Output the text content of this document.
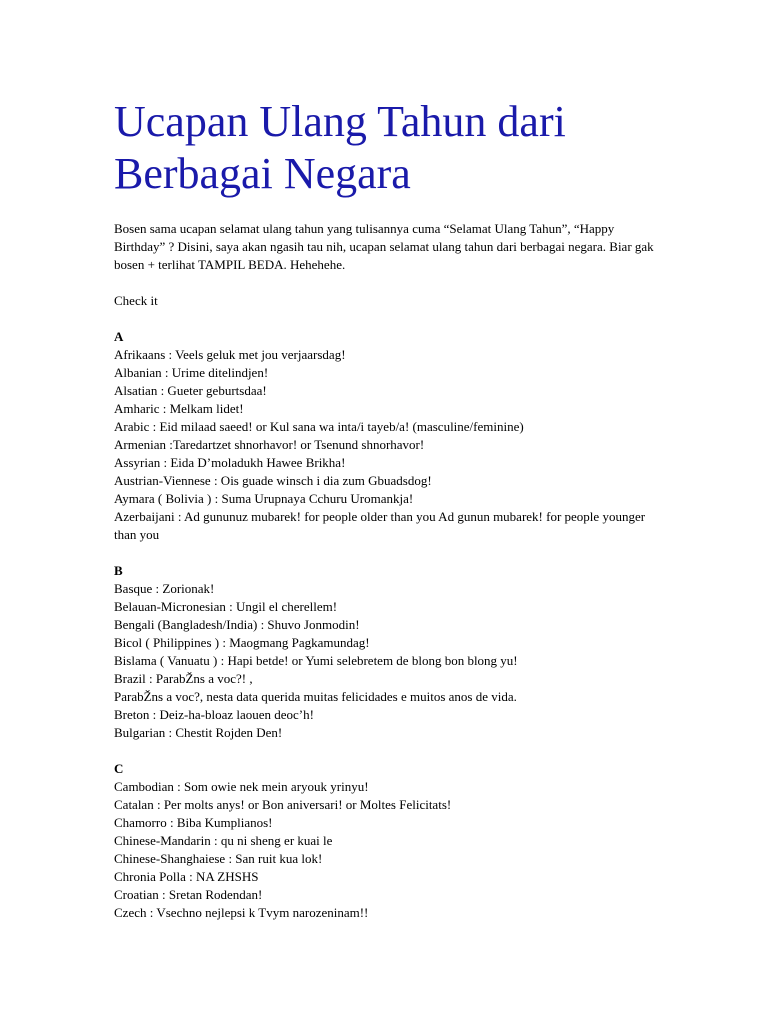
Ucapan Ulang Tahun dari Berbagai Negara

Bosen sama ucapan selamat ulang tahun yang tulisannya cuma “Selamat Ulang Tahun”, “Happy Birthday” ? Disini, saya akan ngasih tau nih, ucapan selamat ulang tahun dari berbagai negara. Biar gak bosen + terlihat TAMPIL BEDA. Hehehehe.

Check it

A
Afrikaans : Veels geluk met jou verjaarsdag!
Albanian : Urime ditelindjen!
Alsatian : Gueter geburtsdaa!
Amharic : Melkam lidet!
Arabic : Eid milaad saeed! or Kul sana wa inta/i tayeb/a! (masculine/feminine)
Armenian :Taredartzet shnorhavor! or Tsenund shnorhavor!
Assyrian : Eida D’moladukh Hawee Brikha!
Austrian-Viennese : Ois guade winsch i dia zum Gbuadsdog!
Aymara ( Bolivia ) : Suma Urupnaya Cchuru Uromankja!
Azerbaijani : Ad gununuz mubarek! for people older than you Ad gunun mubarek! for people younger than you
B
Basque : Zorionak!
Belauan-Micronesian : Ungil el cherellem!
Bengali (Bangladesh/India) : Shuvo Jonmodin!
Bicol ( Philippines ) : Maogmang Pagkamundag!
Bislama ( Vanuatu ) : Hapi betde! or Yumi selebretem de blong bon blong yu!
Brazil : ParabŽns a voc?! ,
ParabŽns a voc?, nesta data querida muitas felicidades e muitos anos de vida.
Breton : Deiz-ha-bloaz laouen deoc’h!
Bulgarian : Chestit Rojden Den!
C
Cambodian : Som owie nek mein aryouk yrinyu!
Catalan : Per molts anys! or Bon aniversari! or Moltes Felicitats!
Chamorro : Biba Kumplianos!
Chinese-Mandarin : qu ni sheng er kuai le
Chinese-Shanghaiese : San ruit kua lok!
Chronia Polla : NA ZHSHS
Croatian : Sretan Rodendan!
Czech : Vsechno nejlepsi k Tvym narozeninam!!
